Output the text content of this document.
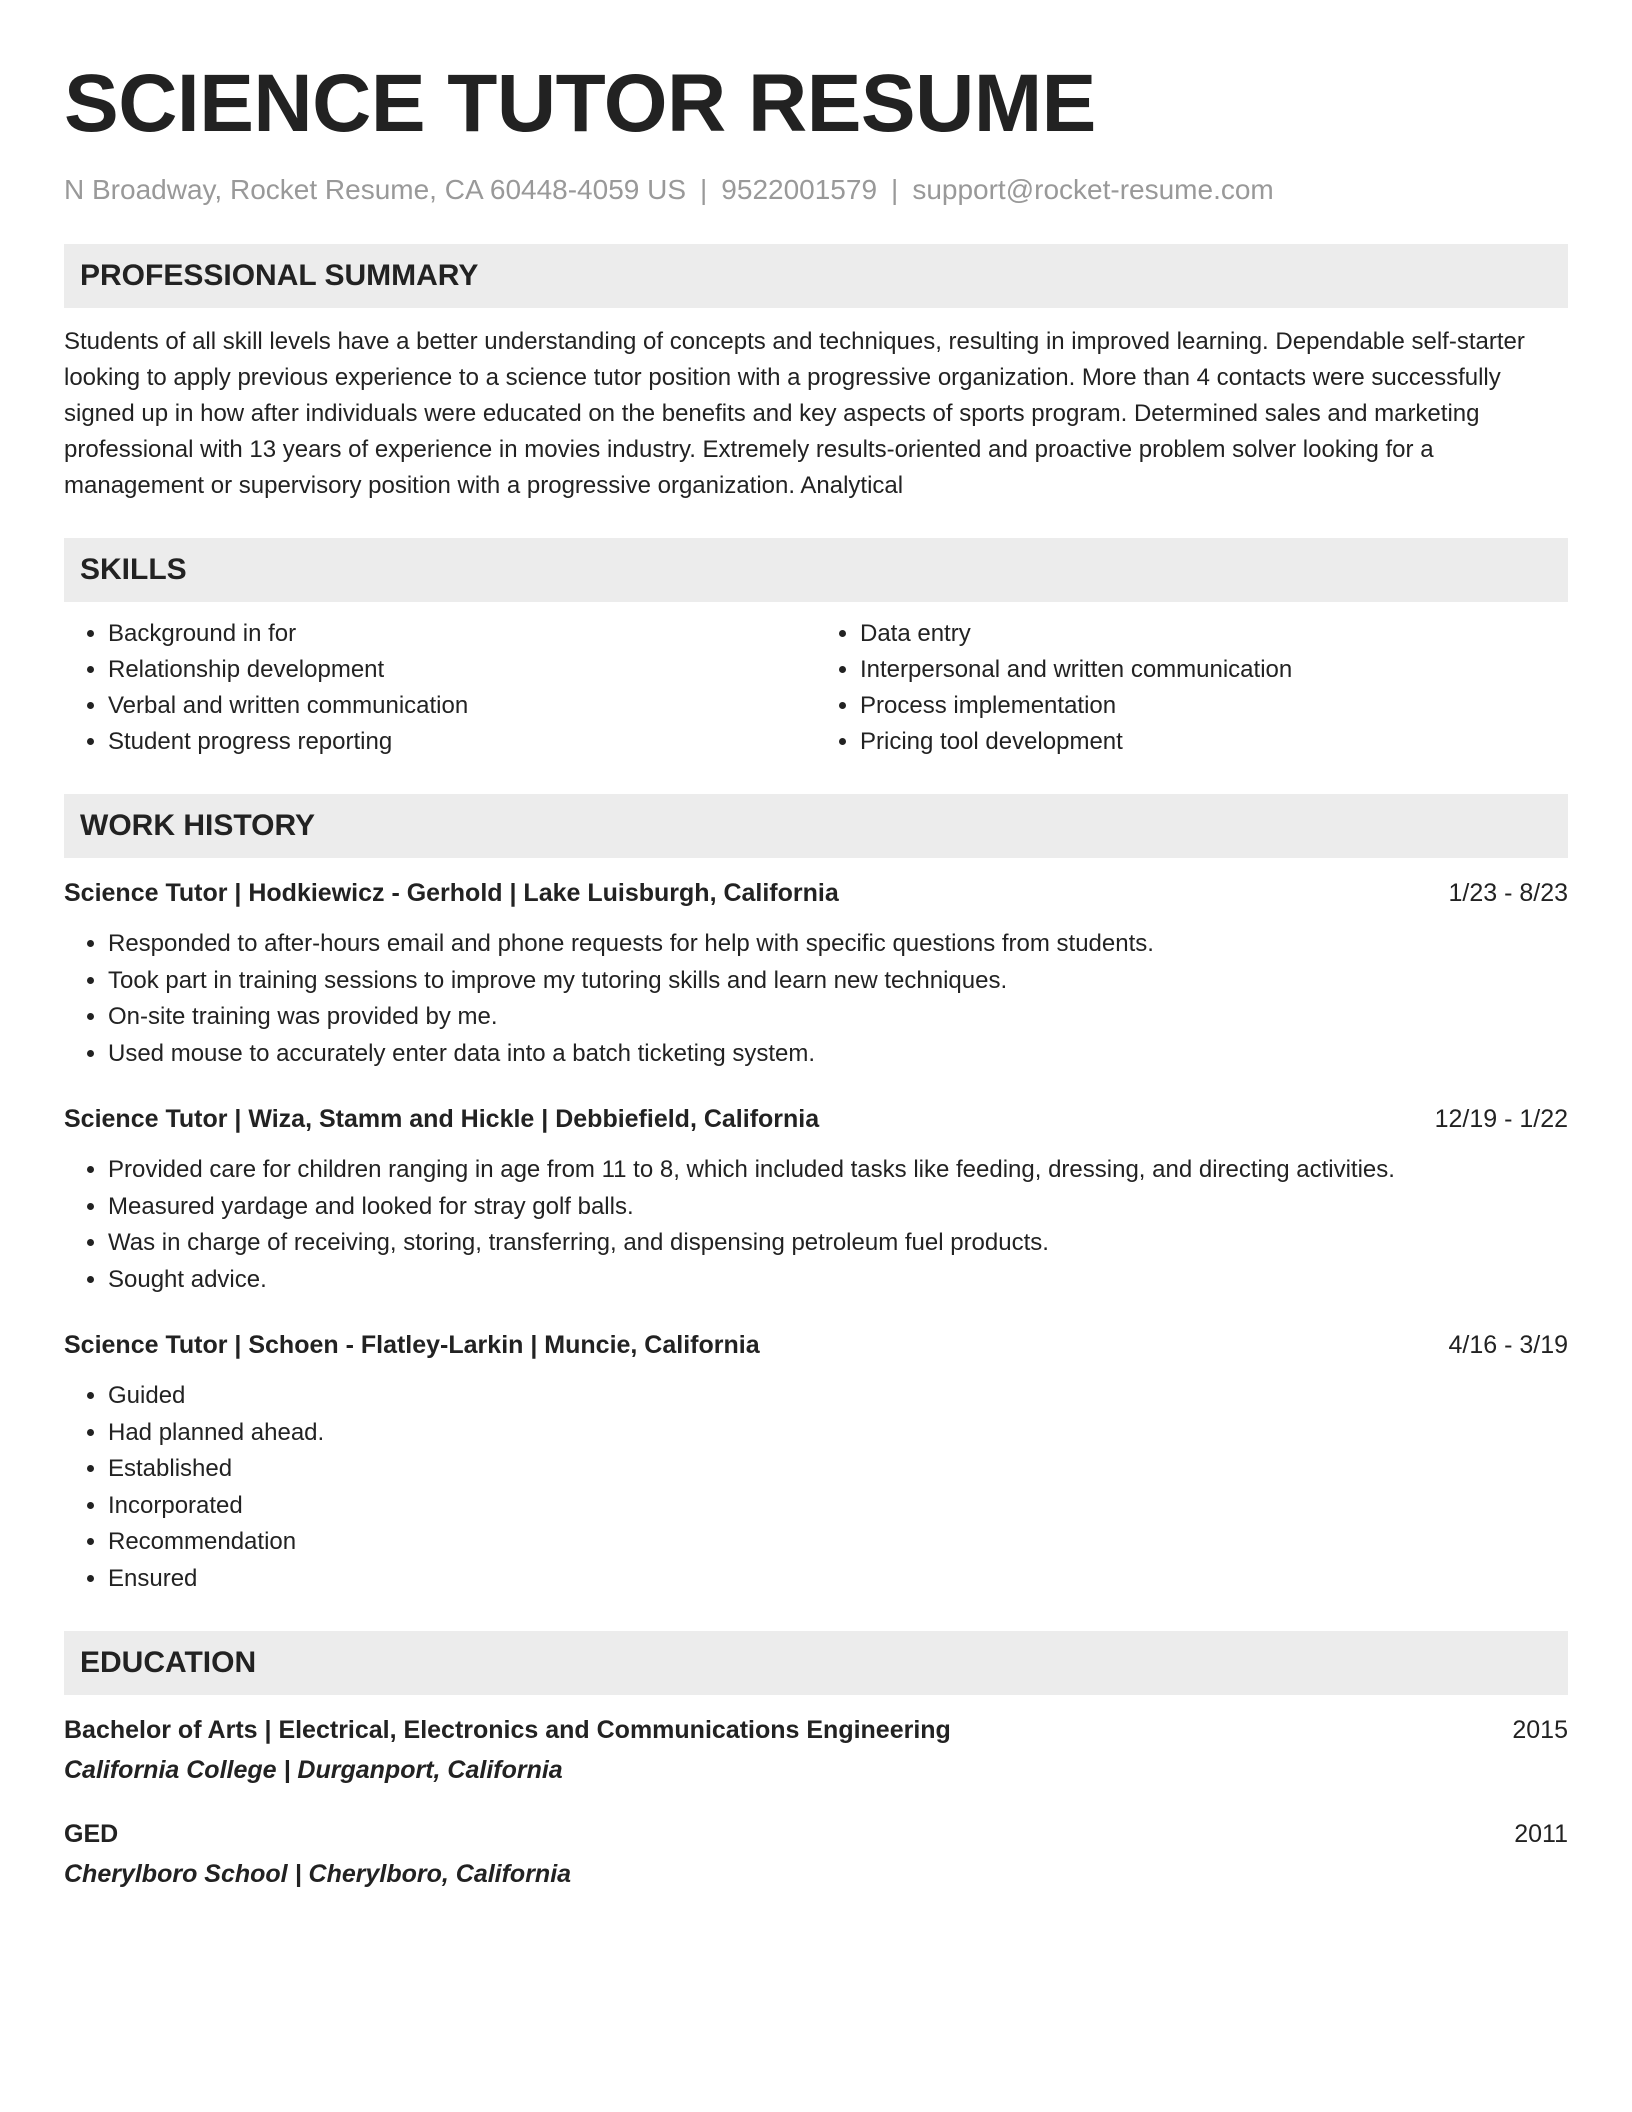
SCIENCE TUTOR RESUME
N Broadway, Rocket Resume, CA 60448-4059 US | 9522001579 | support@rocket-resume.com
PROFESSIONAL SUMMARY

Students of all skill levels have a better understanding of concepts and techniques, resulting in improved learning. Dependable self-starter looking to apply previous experience to a science tutor position with a progressive organization. More than 4 contacts were successfully signed up in how after individuals were educated on the benefits and key aspects of sports program. Determined sales and marketing professional with 13 years of experience in movies industry. Extremely results-oriented and proactive problem solver looking for a management or supervisory position with a progressive organization. Analytical

SKILLS
• Background in for
• Relationship development
• Verbal and written communication
• Student progress reporting
• Data entry
• Interpersonal and written communication
• Process implementation
• Pricing tool development
WORK HISTORY
Science Tutor | Hodkiewicz - Gerhold | Lake Luisburgh, California	1/23 - 8/23
• Responded to after-hours email and phone requests for help with specific questions from students.
• Took part in training sessions to improve my tutoring skills and learn new techniques.
• On-site training was provided by me.
• Used mouse to accurately enter data into a batch ticketing system.
Science Tutor | Wiza, Stamm and Hickle | Debbiefield, California	12/19 - 1/22
• Provided care for children ranging in age from 11 to 8, which included tasks like feeding, dressing, and directing activities.
• Measured yardage and looked for stray golf balls.
• Was in charge of receiving, storing, transferring, and dispensing petroleum fuel products.
• Sought advice.
Science Tutor | Schoen - Flatley-Larkin | Muncie, California	4/16 - 3/19
• Guided
• Had planned ahead.
• Established
• Incorporated
• Recommendation
• Ensured
EDUCATION
Bachelor of Arts | Electrical, Electronics and Communications Engineering	2015
California College | Durganport, California
GED	2011
Cherylboro School | Cherylboro, California
